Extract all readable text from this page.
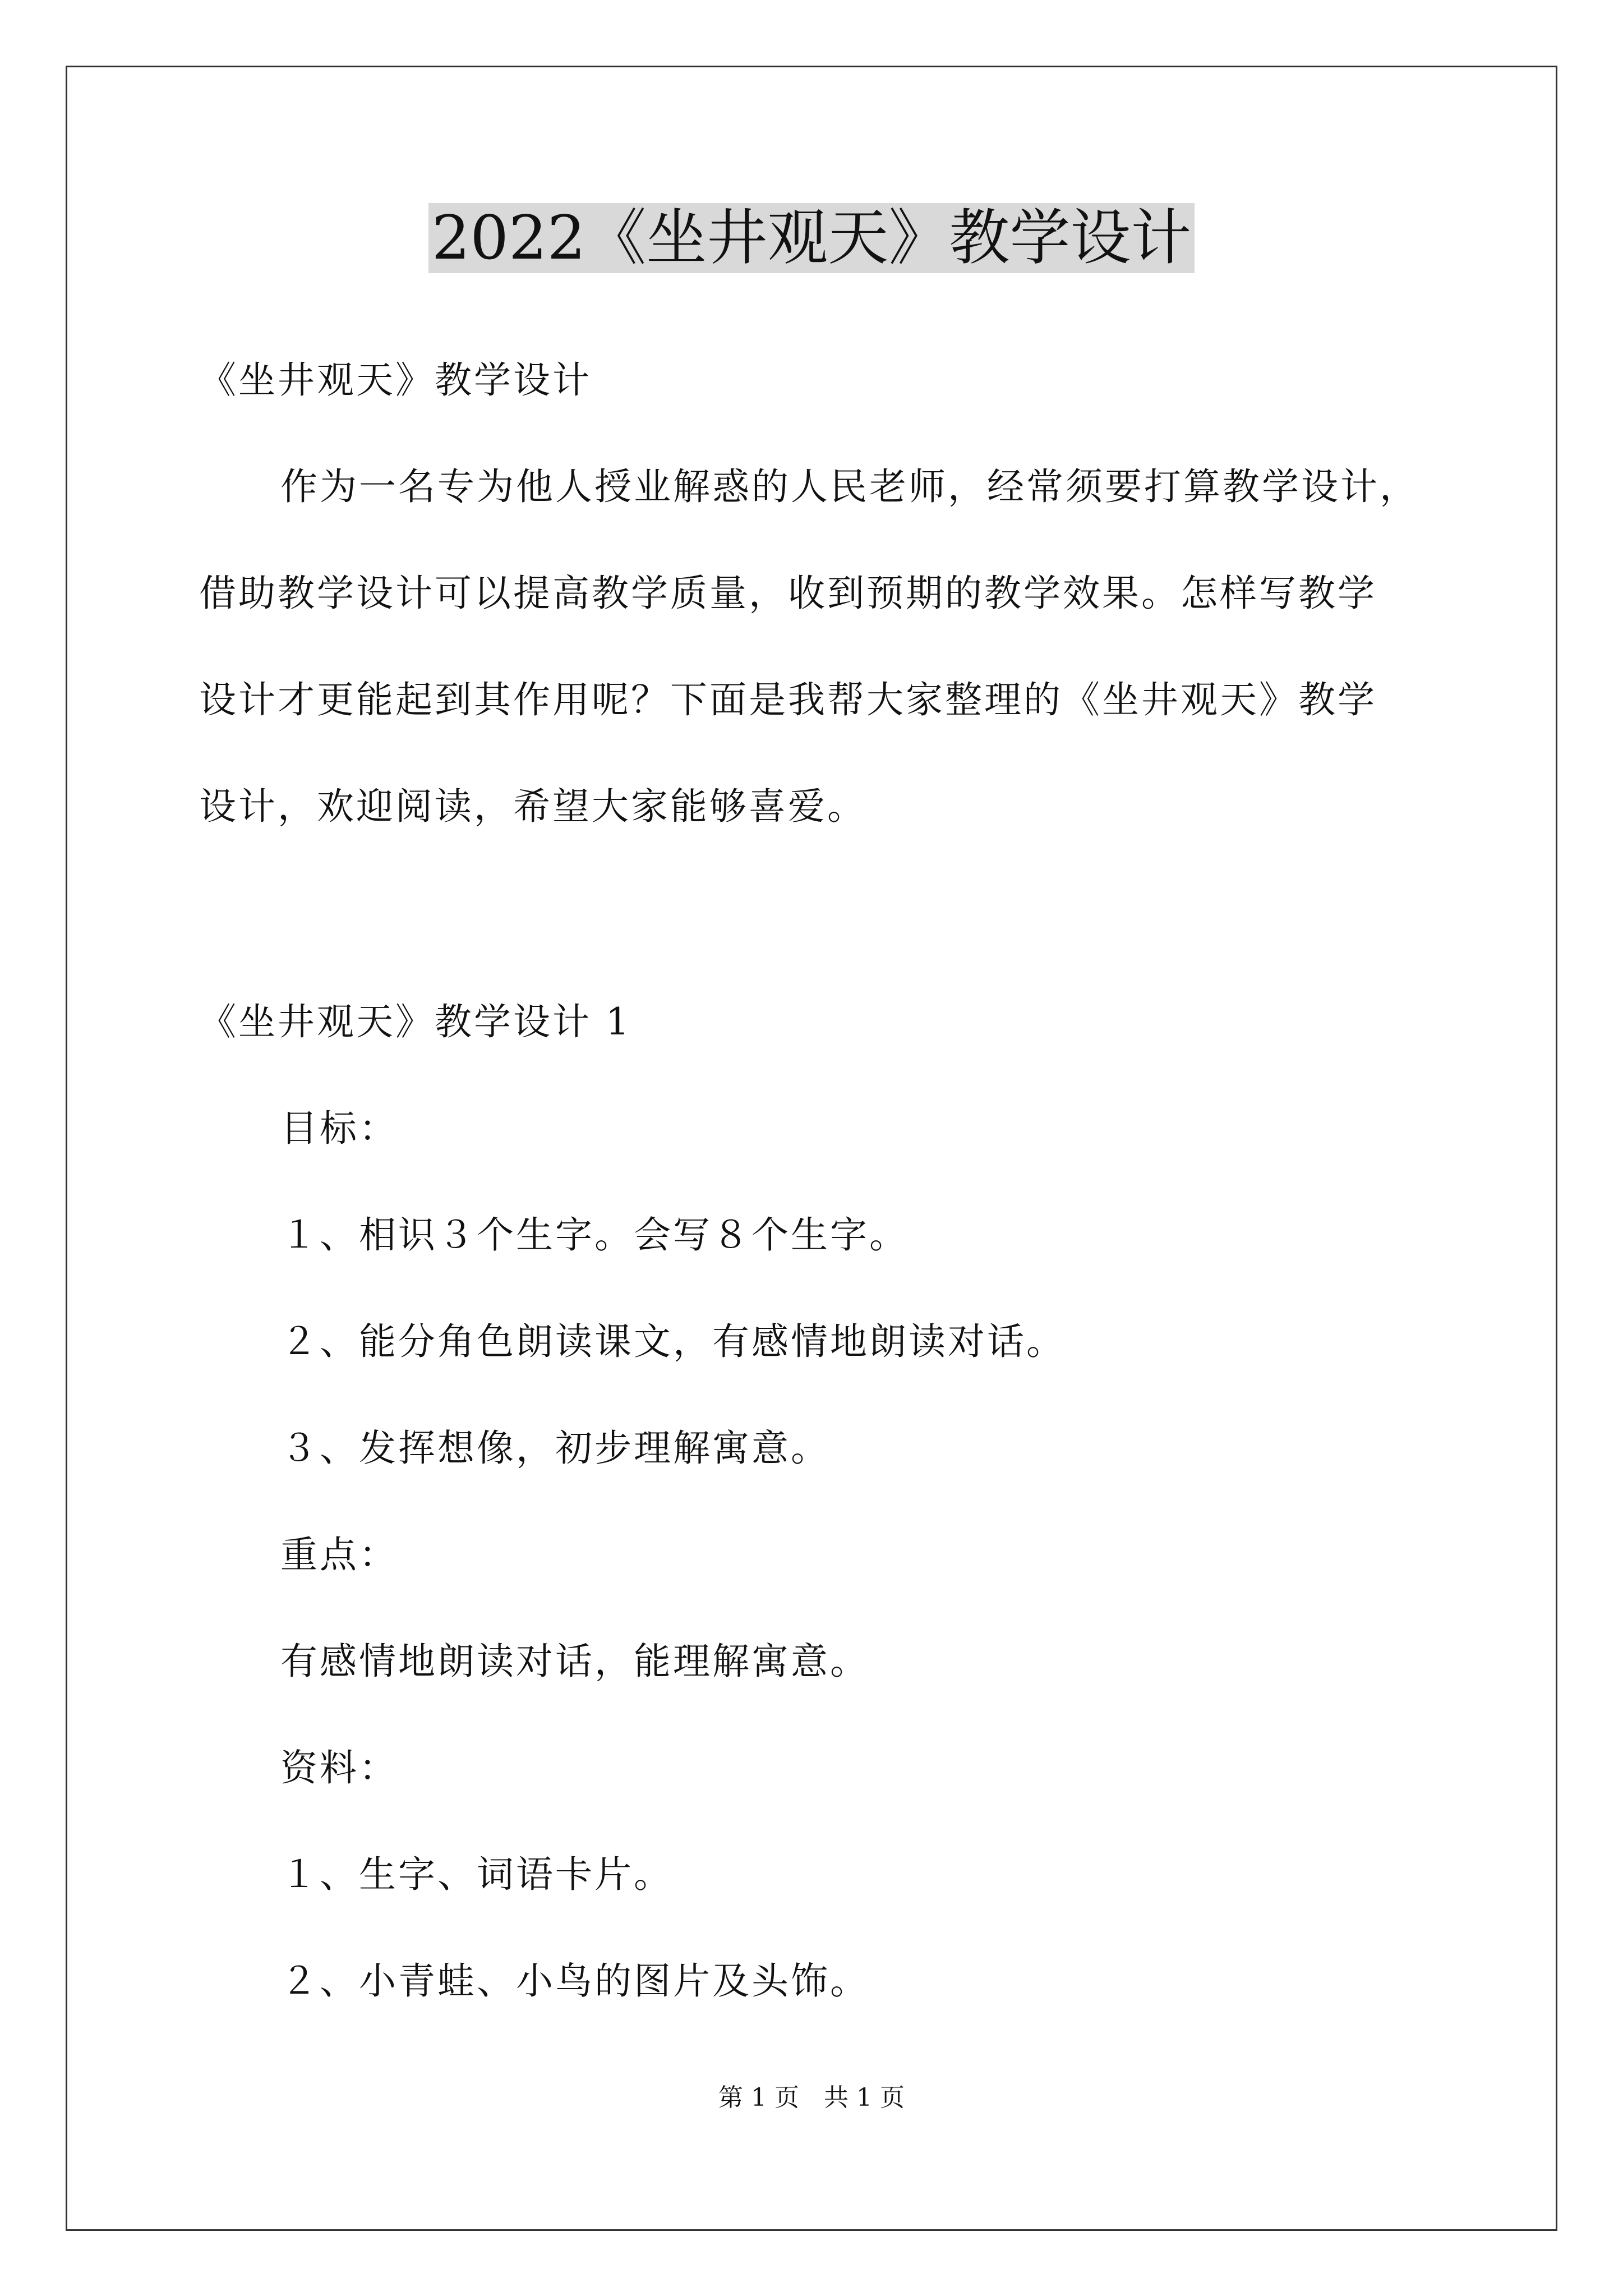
2022《坐井观天》教学设计
《坐井观天》教学设计
作为一名专为他人授业解惑的人民老师，经常须要打算教学设计，
借助教学设计可以提高教学质量，收到预期的教学效果。怎样写教学
设计才更能起到其作用呢？下面是我帮大家整理的《坐井观天》教学
设计，欢迎阅读，希望大家能够喜爱。
《坐井观天》教学设计 1
目标：
１、相识３个生字。会写８个生字。
２、能分角色朗读课文，有感情地朗读对话。
３、发挥想像，初步理解寓意。
重点：
有感情地朗读对话，能理解寓意。
资料：
１、生字、词语卡片。
２、小青蛙、小鸟的图片及头饰。
第 1 页　共 1 页
